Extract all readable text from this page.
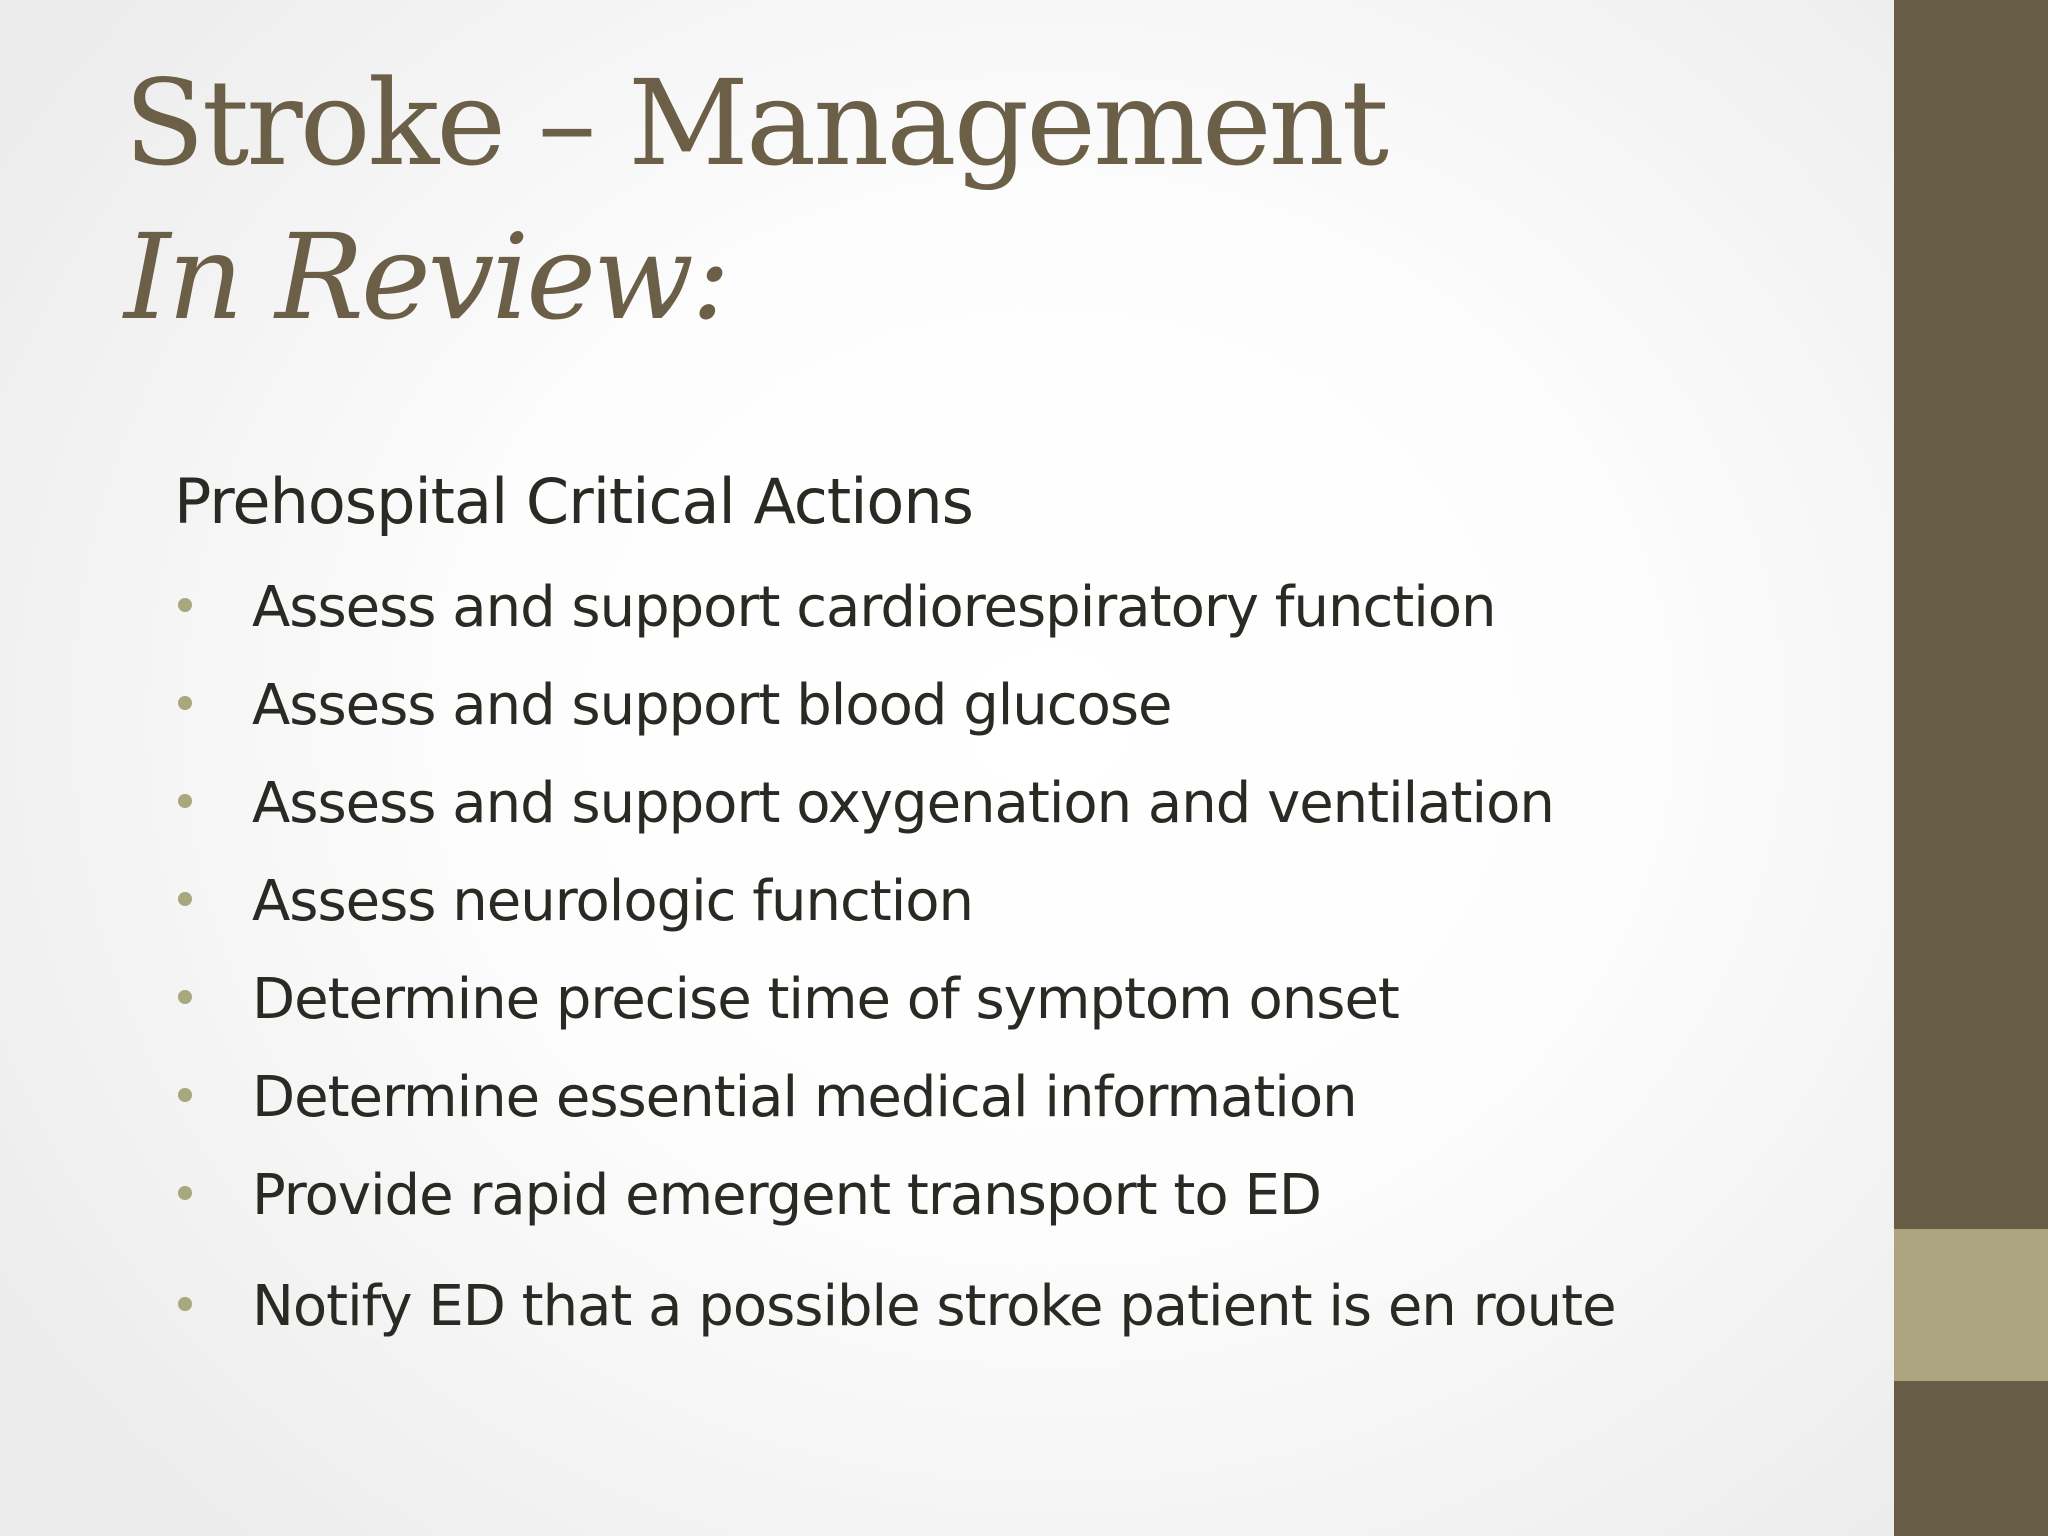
Stroke – Management
In Review:
Prehospital Critical Actions
Assess and support cardiorespiratory function
Assess and support blood glucose
Assess and support oxygenation and ventilation
Assess neurologic function
Determine precise time of symptom onset
Determine essential medical information
Provide rapid emergent transport to ED
Notify ED that a possible stroke patient is en route
